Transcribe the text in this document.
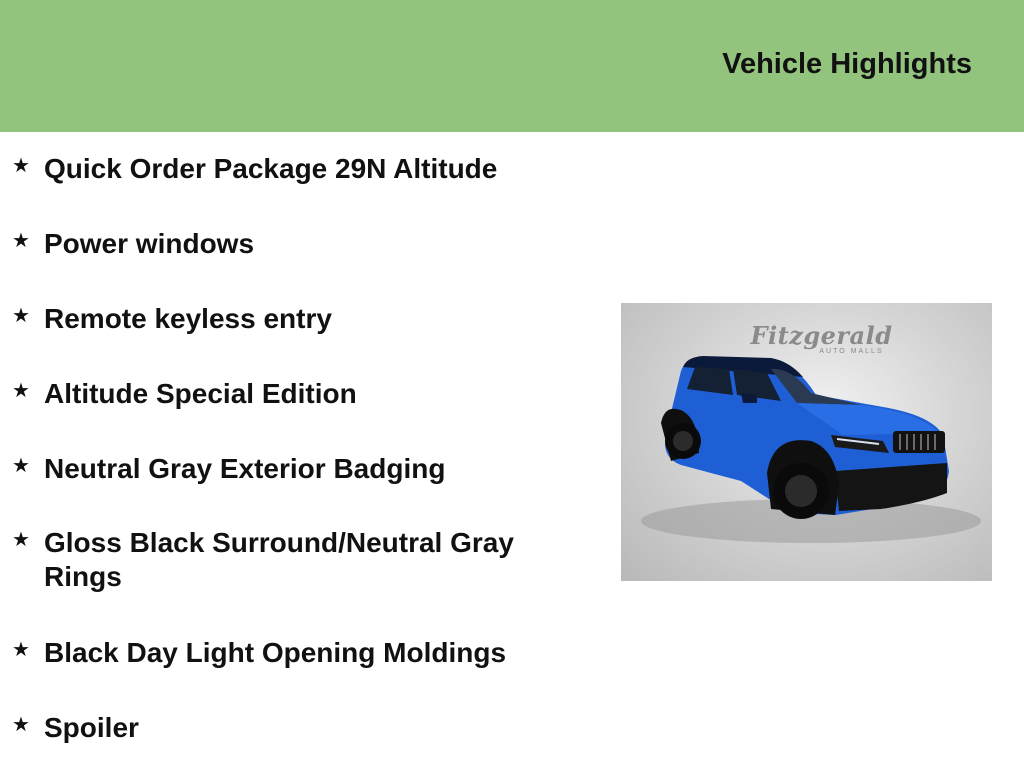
Vehicle Highlights
★ Quick Order Package 29N Altitude
★ Power windows
★ Remote keyless entry
★ Altitude Special Edition
★ Neutral Gray Exterior Badging
★ Gloss Black Surround/Neutral Gray Rings
★ Black Day Light Opening Moldings
★ Spoiler
Fitzgerald
AUTO MALLS
